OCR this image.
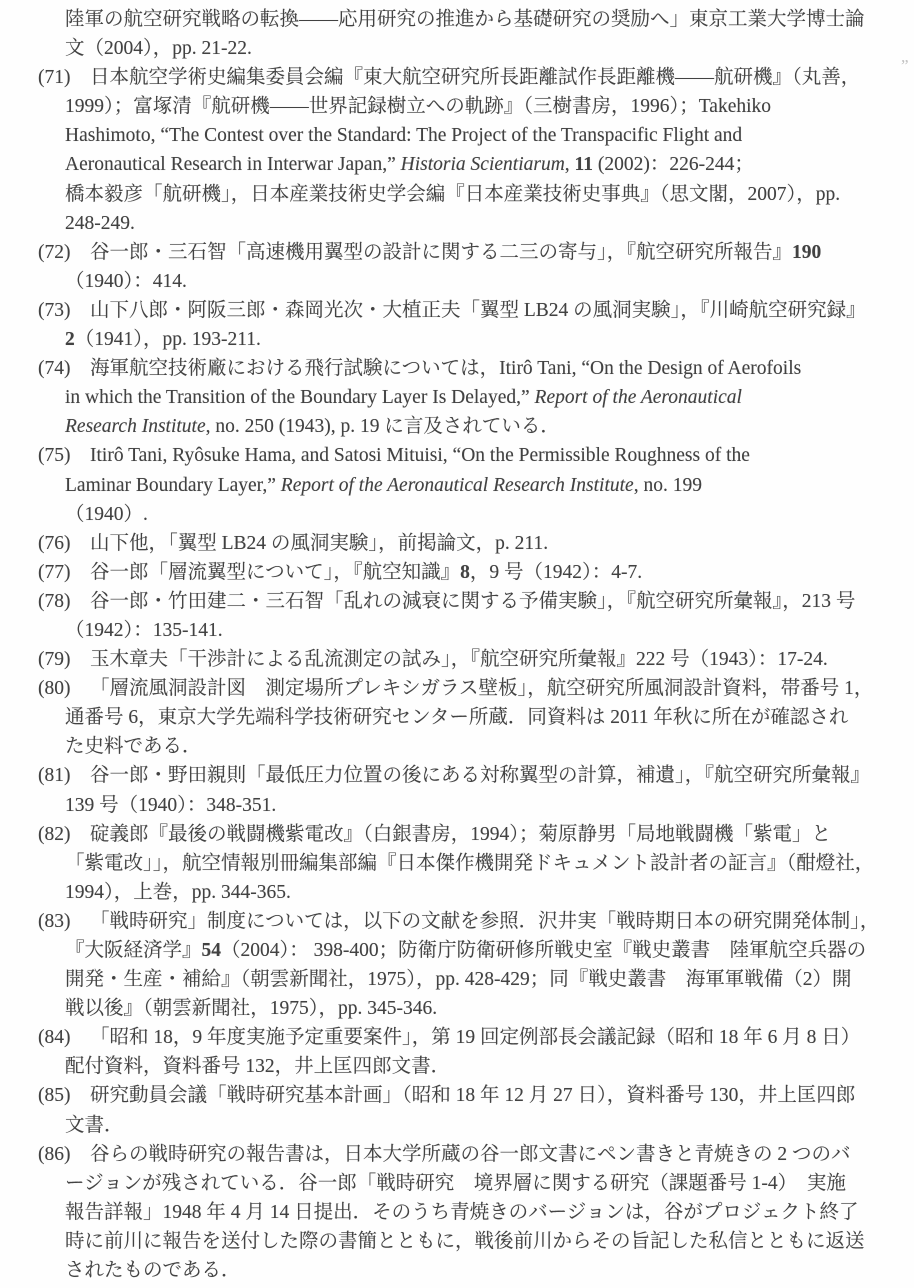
”
陸軍の航空研究戦略の転換——応用研究の推進から基礎研究の奨励へ」東京工業大学博士論
文（2004），pp. 21-22.
(71) 日本航空学術史編集委員会編『東大航空研究所長距離試作長距離機——航研機』（丸善，
1999）；富塚清『航研機——世界記録樹立への軌跡』（三樹書房，1996）；Takehiko
Hashimoto, “The Contest over the Standard: The Project of the Transpacific Flight and
Aeronautical Research in Interwar Japan,” Historia Scientiarum, 11 (2002)：226-244；
橋本毅彦「航研機」，日本産業技術史学会編『日本産業技術史事典』（思文閣，2007），pp.
248-249.
(72) 谷一郎・三石智「高速機用翼型の設計に関する二三の寄与」，『航空研究所報告』190
（1940）：414.
(73) 山下八郎・阿阪三郎・森岡光次・大植正夫「翼型 LB24 の風洞実験」，『川崎航空研究録』
2（1941），pp. 193-211.
(74) 海軍航空技術廠における飛行試験については，Itirô Tani, “On the Design of Aerofoils
in which the Transition of the Boundary Layer Is Delayed,” Report of the Aeronautical
Research Institute, no. 250 (1943), p. 19 に言及されている．
(75) Itirô Tani, Ryôsuke Hama, and Satosi Mituisi, “On the Permissible Roughness of the
Laminar Boundary Layer,” Report of the Aeronautical Research Institute, no. 199
（1940）.
(76) 山下他，「翼型 LB24 の風洞実験」，前掲論文，p. 211.
(77) 谷一郎「層流翼型について」，『航空知識』8，9 号（1942）：4-7.
(78) 谷一郎・竹田建二・三石智「乱れの減衰に関する予備実験」，『航空研究所彙報』，213 号
（1942）：135-141.
(79) 玉木章夫「干渉計による乱流測定の試み」，『航空研究所彙報』222 号（1943）：17-24.
(80) 「層流風洞設計図　測定場所プレキシガラス壁板」，航空研究所風洞設計資料，帯番号 1，
通番号 6，東京大学先端科学技術研究センター所蔵．同資料は 2011 年秋に所在が確認され
た史料である．
(81) 谷一郎・野田親則「最低圧力位置の後にある対称翼型の計算，補遺」，『航空研究所彙報』
139 号（1940）：348-351.
(82) 碇義郎『最後の戦闘機紫電改』（白銀書房，1994）；菊原静男「局地戦闘機「紫電」と
「紫電改」」，航空情報別冊編集部編『日本傑作機開発ドキュメント設計者の証言』（酣燈社，
1994），上巻，pp. 344-365.
(83) 「戦時研究」制度については，以下の文献を参照．沢井実「戦時期日本の研究開発体制」，
『大阪経済学』54（2004）： 398-400；防衛庁防衛研修所戦史室『戦史叢書　陸軍航空兵器の
開発・生産・補給』（朝雲新聞社，1975），pp. 428-429；同『戦史叢書　海軍軍戦備（2）開
戦以後』（朝雲新聞社，1975），pp. 345-346.
(84) 「昭和 18，9 年度実施予定重要案件」，第 19 回定例部長会議記録（昭和 18 年 6 月 8 日）
配付資料，資料番号 132，井上匡四郎文書．
(85) 研究動員会議「戦時研究基本計画」（昭和 18 年 12 月 27 日），資料番号 130，井上匡四郎
文書．
(86) 谷らの戦時研究の報告書は，日本大学所蔵の谷一郎文書にペン書きと青焼きの 2 つのバ
ージョンが残されている．谷一郎「戦時研究　境界層に関する研究（課題番号 1-4）　実施
報告詳報」1948 年 4 月 14 日提出．そのうち青焼きのバージョンは，谷がプロジェクト終了
時に前川に報告を送付した際の書簡とともに，戦後前川からその旨記した私信とともに返送
されたものである．
